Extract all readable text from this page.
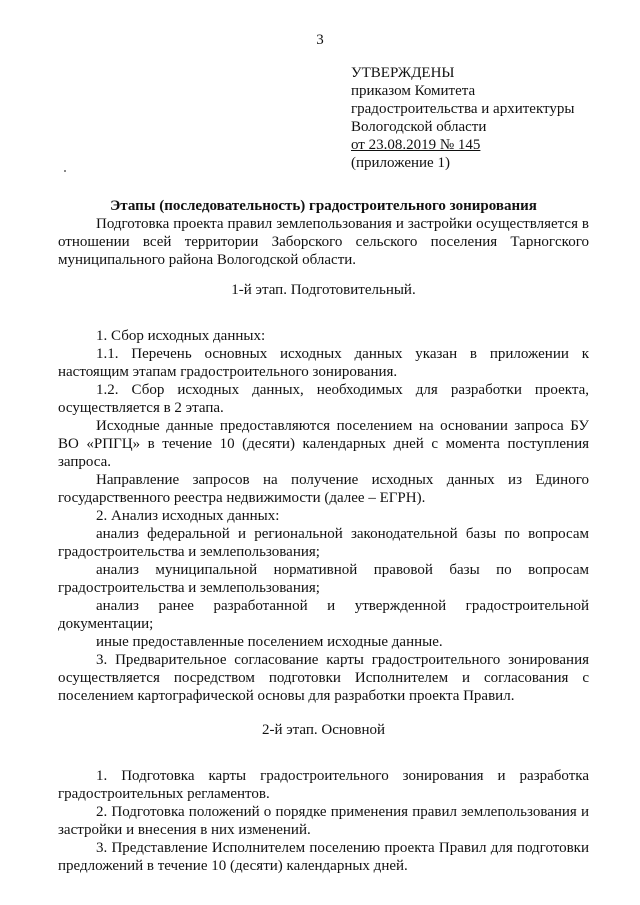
3
УТВЕРЖДЕНЫ
приказом Комитета
градостроительства и архитектуры
Вологодской области
от 23.08.2019 № 145
(приложение 1)
Этапы (последовательность) градостроительного зонирования

Подготовка проекта правил землепользования и застройки осуществляется в отношении всей территории Заборского сельского поселения Тарногского муниципального района Вологодской области.

1-й этап. Подготовительный.

1. Сбор исходных данных:

1.1. Перечень основных исходных данных указан в приложении к настоящим этапам градостроительного зонирования.

1.2. Сбор исходных данных, необходимых для разработки проекта, осуществляется в 2 этапа.

Исходные данные предоставляются поселением на основании запроса БУ ВО «РПГЦ» в течение 10 (десяти) календарных дней с момента поступления запроса.

Направление запросов на получение исходных данных из Единого государственного реестра недвижимости (далее – ЕГРН).

2. Анализ исходных данных:

анализ федеральной и региональной законодательной базы по вопросам градостроительства и землепользования;

анализ муниципальной нормативной правовой базы по вопросам градостроительства и землепользования;

анализ ранее разработанной и утвержденной градостроительной документации;

иные предоставленные поселением исходные данные.

3. Предварительное согласование карты градостроительного зонирования осуществляется посредством подготовки Исполнителем и согласования с поселением картографической основы для разработки проекта Правил.

2-й этап. Основной

1. Подготовка карты градостроительного зонирования и разработка градостроительных регламентов.

2. Подготовка положений о порядке применения правил землепользования и застройки и внесения в них изменений.

3. Представление Исполнителем поселению проекта Правил для подготовки предложений в течение 10 (десяти) календарных дней.
